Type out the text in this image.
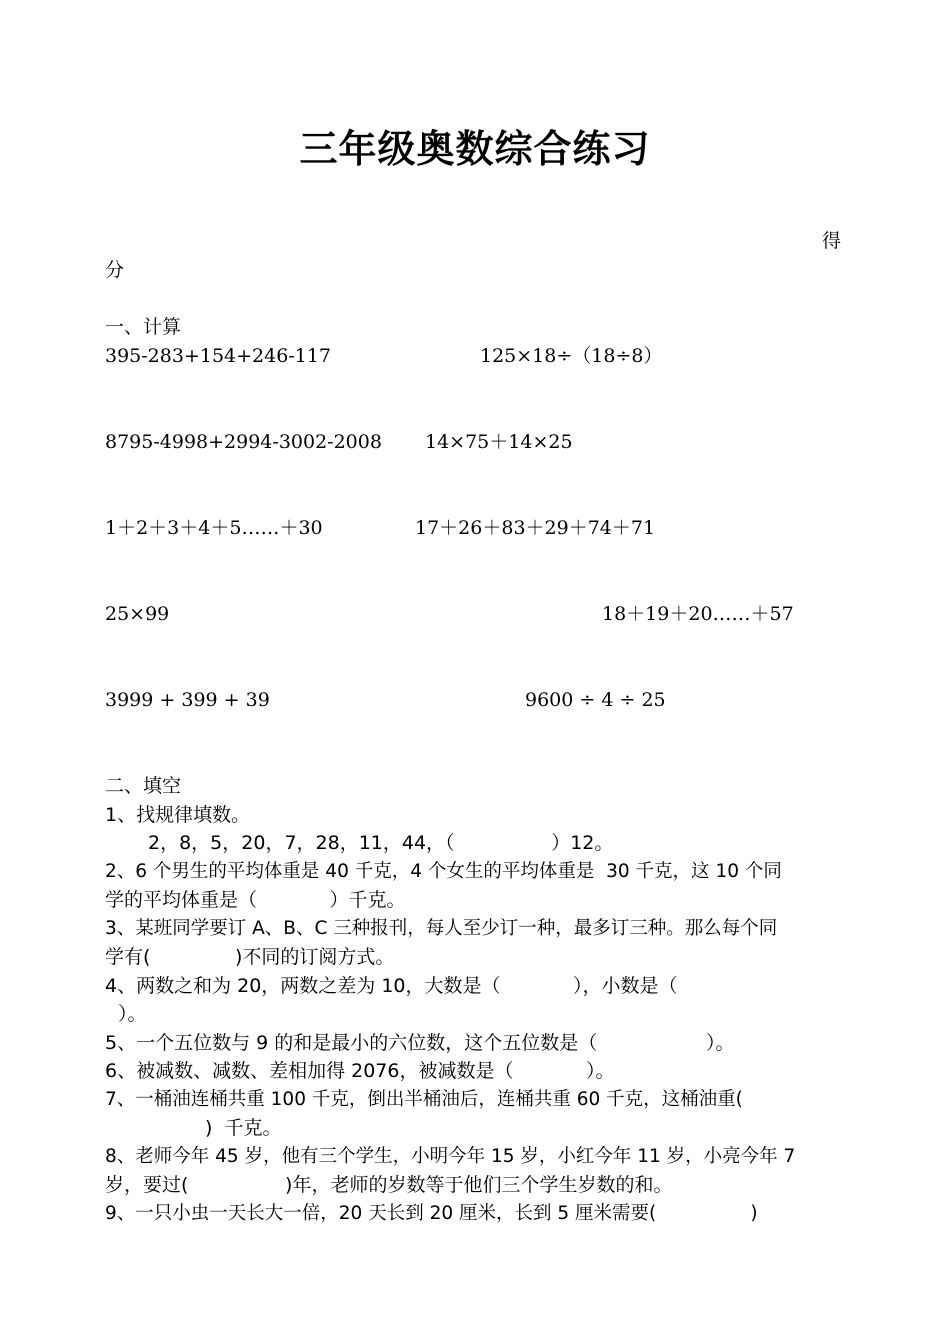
三年级奥数综合练习
得
分
一、计算
395-283+154+246-117	125×18÷（18÷8）
8795-4998+2994-3002-2008 14×75＋14×25
1＋2＋3＋4＋5……＋30	17＋26＋83＋29＋74＋71
25×99	18＋19＋20……＋57
3999 + 399 + 39	9600 ÷ 4 ÷ 25
二、填空
1、找规律填数。
2，8，5，20，7，28，11，44，（                ）12。
2、6 个男生的平均体重是 40 千克，4 个女生的平均体重是  30 千克，这 10 个同
学的平均体重是（            ）千克。
3、某班同学要订 A、B、C 三种报刊，每人至少订一种，最多订三种。那么每个同
学有(              )不同的订阅方式。
4、两数之和为 20，两数之差为 10，大数是（            ），小数是（
）。
5、一个五位数与 9 的和是最小的六位数，这个五位数是（                  ）。
6、被减数、减数、差相加得 2076，被减数是（            ）。
7、一桶油连桶共重 100 千克，倒出半桶油后，连桶共重 60 千克，这桶油重(
)  千克。
8、老师今年 45 岁，他有三个学生，小明今年 15 岁，小红今年 11 岁，小亮今年 7
岁，要过(                )年，老师的岁数等于他们三个学生岁数的和。
9、一只小虫一天长大一倍，20 天长到 20 厘米，长到 5 厘米需要(                )
